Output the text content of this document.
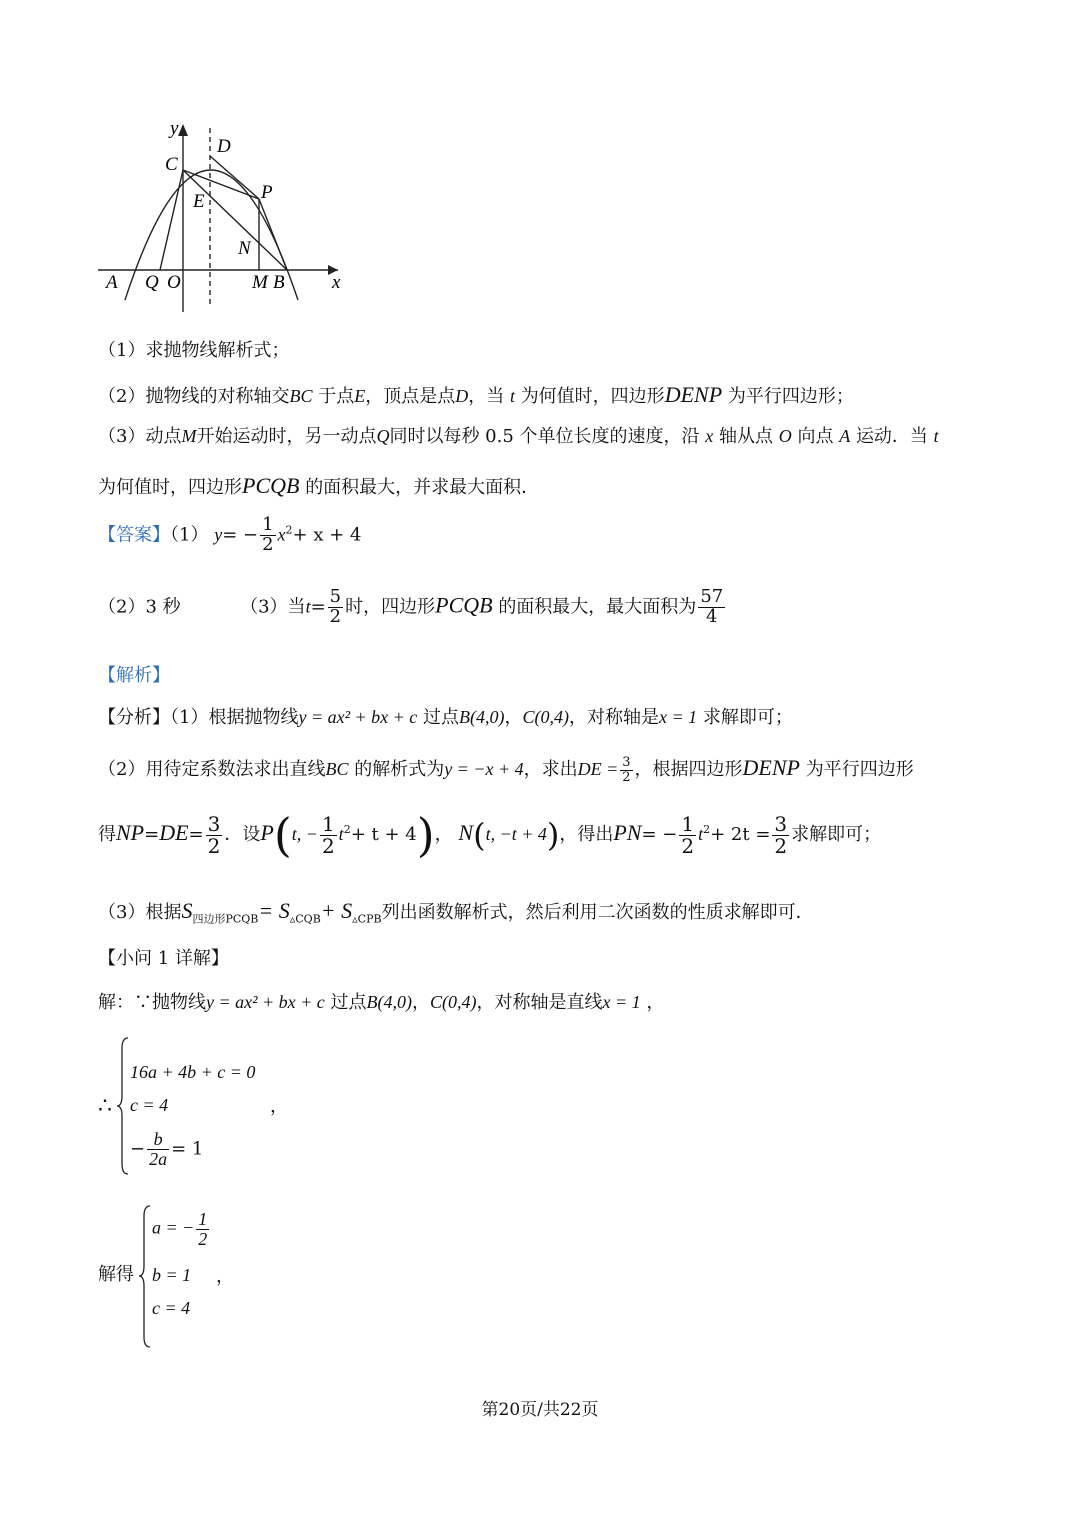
y
x
C
D
P
E
N
A Q O	M B
（1）求抛物线解析式；
（2）抛物线的对称轴交BC 于点E，顶点是点D，当 t 为何值时，四边形DENP 为平行四边形；
（3）动点M开始运动时，另一动点Q同时以每秒 0.5 个单位长度的速度，沿 x 轴从点 O 向点 A 运动．当 t
为何值时，四边形PCQB 的面积最大，并求最大面积．
【答案】（1） $y= - \frac{1}{2} x^2+ x + 4$
（2）3 秒	（3）当$t= \frac{5}{2}$ 时，四边形PCQB 的面积最大，最大面积为 $\frac{57}{4}$
【解析】
【分析】（1）根据抛物线y = ax² + bx + c 过点B(4,0)，C(0,4)，对称轴是x = 1 求解即可；
（2）用待定系数法求出直线BC 的解析式为y = −x + 4，求出DE = $\frac{3}{2}$ ，根据四边形DENP 为平行四边形
得$NP=DE= \frac{3}{2}$ ．设P(t, − $\frac{1}{2} t^2+ t + 4$)， N(t, −t + 4)，得出$PN= - \frac{1}{2} t^2+ 2t = \frac{3}{2}$ 求解即可；
（3）根据$S_{四边形PCQB}= S_{▵CQB}+ S_{▵CPB}$列出函数解析式，然后利用二次函数的性质求解即可．
【小问 1 详解】
解：∵抛物线y = ax² + bx + c 过点B(4,0)，C(0,4)，对称轴是直线x = 1 ，
∴
16a + 4b + c = 0
c = 4
− $\frac{b}{2a} = 1$
，
解得
a = − $\frac{1}{2}$
b = 1
c = 4
，
第20页/共22页
